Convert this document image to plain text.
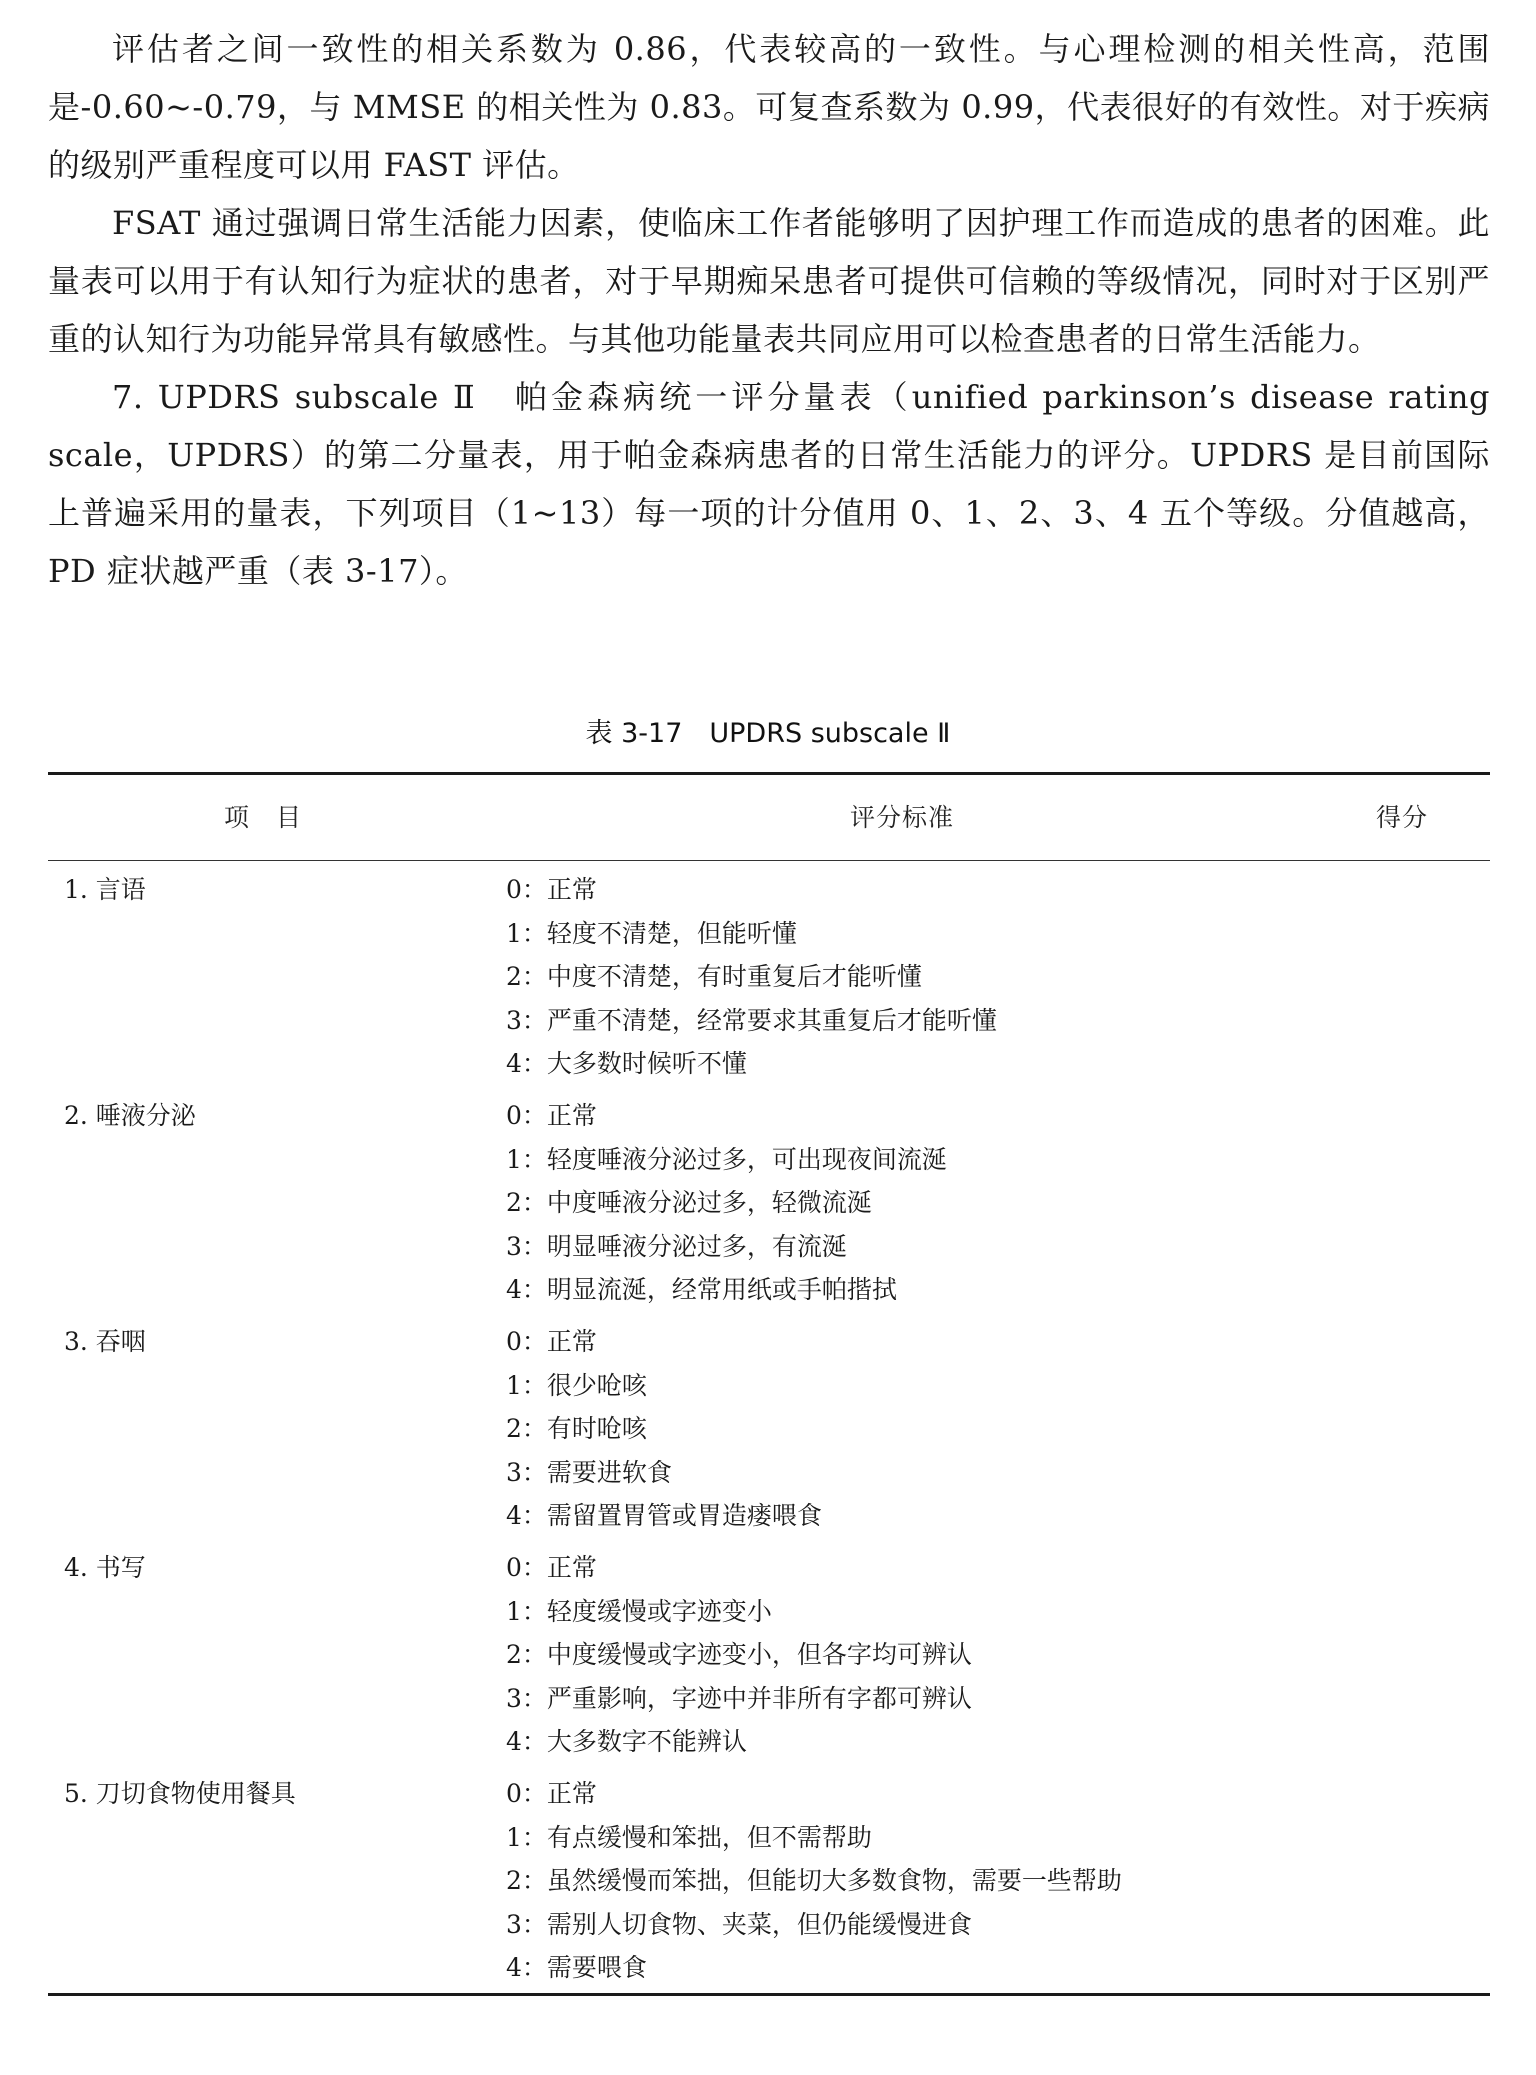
评估者之间一致性的相关系数为 0.86，代表较高的一致性。与心理检测的相关性高，范围是-0.60~-0.79，与 MMSE 的相关性为 0.83。可复查系数为 0.99，代表很好的有效性。对于疾病的级别严重程度可以用 FAST 评估。

FSAT 通过强调日常生活能力因素，使临床工作者能够明了因护理工作而造成的患者的困难。此量表可以用于有认知行为症状的患者，对于早期痴呆患者可提供可信赖的等级情况，同时对于区别严重的认知行为功能异常具有敏感性。与其他功能量表共同应用可以检查患者的日常生活能力。

7. UPDRS subscale Ⅱ　帕金森病统一评分量表（unified parkinson’s disease rating scale，UPDRS）的第二分量表，用于帕金森病患者的日常生活能力的评分。UPDRS 是目前国际上普遍采用的量表，下列项目（1~13）每一项的计分值用 0、1、2、3、4 五个等级。分值越高，PD 症状越严重（表 3-17）。

表 3-17　UPDRS subscale Ⅱ
项　目	评分标准	得分
1. 言语	0：正常
1：轻度不清楚，但能听懂
2：中度不清楚，有时重复后才能听懂
3：严重不清楚，经常要求其重复后才能听懂
4：大多数时候听不懂
2. 唾液分泌	0：正常
1：轻度唾液分泌过多，可出现夜间流涎
2：中度唾液分泌过多，轻微流涎
3：明显唾液分泌过多，有流涎
4：明显流涎，经常用纸或手帕揩拭
3. 吞咽	0：正常
1：很少呛咳
2：有时呛咳
3：需要进软食
4：需留置胃管或胃造瘘喂食
4. 书写	0：正常
1：轻度缓慢或字迹变小
2：中度缓慢或字迹变小，但各字均可辨认
3：严重影响，字迹中并非所有字都可辨认
4：大多数字不能辨认
5. 刀切食物使用餐具	0：正常
1：有点缓慢和笨拙，但不需帮助
2：虽然缓慢而笨拙，但能切大多数食物，需要一些帮助
3：需别人切食物、夹菜，但仍能缓慢进食
4：需要喂食
